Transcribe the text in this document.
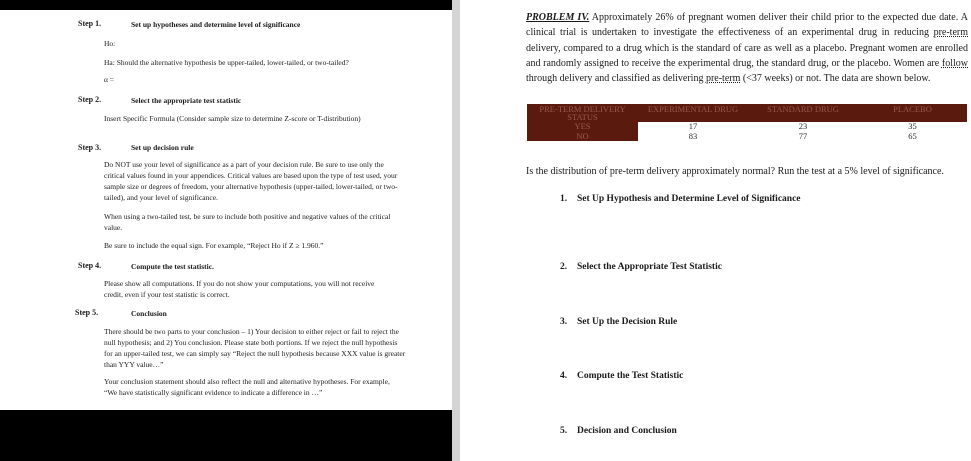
Step 1.	Set up hypotheses and determine level of significance
Ho:
Ha: Should the alternative hypothesis be upper-tailed, lower-tailed, or two-tailed?
α =
Step 2.	Select the appropriate test statistic
Insert Specific Formula (Consider sample size to determine Z-score or T-distribution)
Step 3.	Set up decision rule
Do NOT use your level of significance as a part of your decision rule. Be sure to use only the critical values found in your appendices. Critical values are based upon the type of test used, your sample size or degrees of freedom, your alternative hypothesis (upper-tailed, lower-tailed, or two-tailed), and your level of significance.
When using a two-tailed test, be sure to include both positive and negative values of the critical value.
Be sure to include the equal sign. For example, “Reject Ho if Z ≥ 1.960.”
Step 4.	Compute the test statistic.
Please show all computations. If you do not show your computations, you will not receive credit, even if your test statistic is correct.
Step 5.	Conclusion
There should be two parts to your conclusion – 1) Your decision to either reject or fail to reject the null hypothesis; and 2) You conclusion. Please state both portions. If we reject the null hypothesis for an upper-tailed test, we can simply say “Reject the null hypothesis because XXX value is greater than YYY value…”
Your conclusion statement should also reflect the null and alternative hypotheses. For example, “We have statistically significant evidence to indicate a difference in …”
PROBLEM IV. Approximately 26% of pregnant women deliver their child prior to the expected due date. A clinical trial is undertaken to investigate the effectiveness of an experimental drug in reducing pre-term delivery, compared to a drug which is the standard of care as well as a placebo. Pregnant women are enrolled and randomly assigned to receive the experimental drug, the standard drug, or the placebo. Women are follow through delivery and classified as delivering pre-term (<37 weeks) or not. The data are shown below.
PRE-TERM DELIVERY STATUS	EXPERIMENTAL DRUG	STANDARD DRUG	PLACEBO
YES	17	23	35
NO	83	77	65
Is the distribution of pre-term delivery approximately normal? Run the test at a 5% level of significance.
1. Set Up Hypothesis and Determine Level of Significance
2. Select the Appropriate Test Statistic
3. Set Up the Decision Rule
4. Compute the Test Statistic
5. Decision and Conclusion
